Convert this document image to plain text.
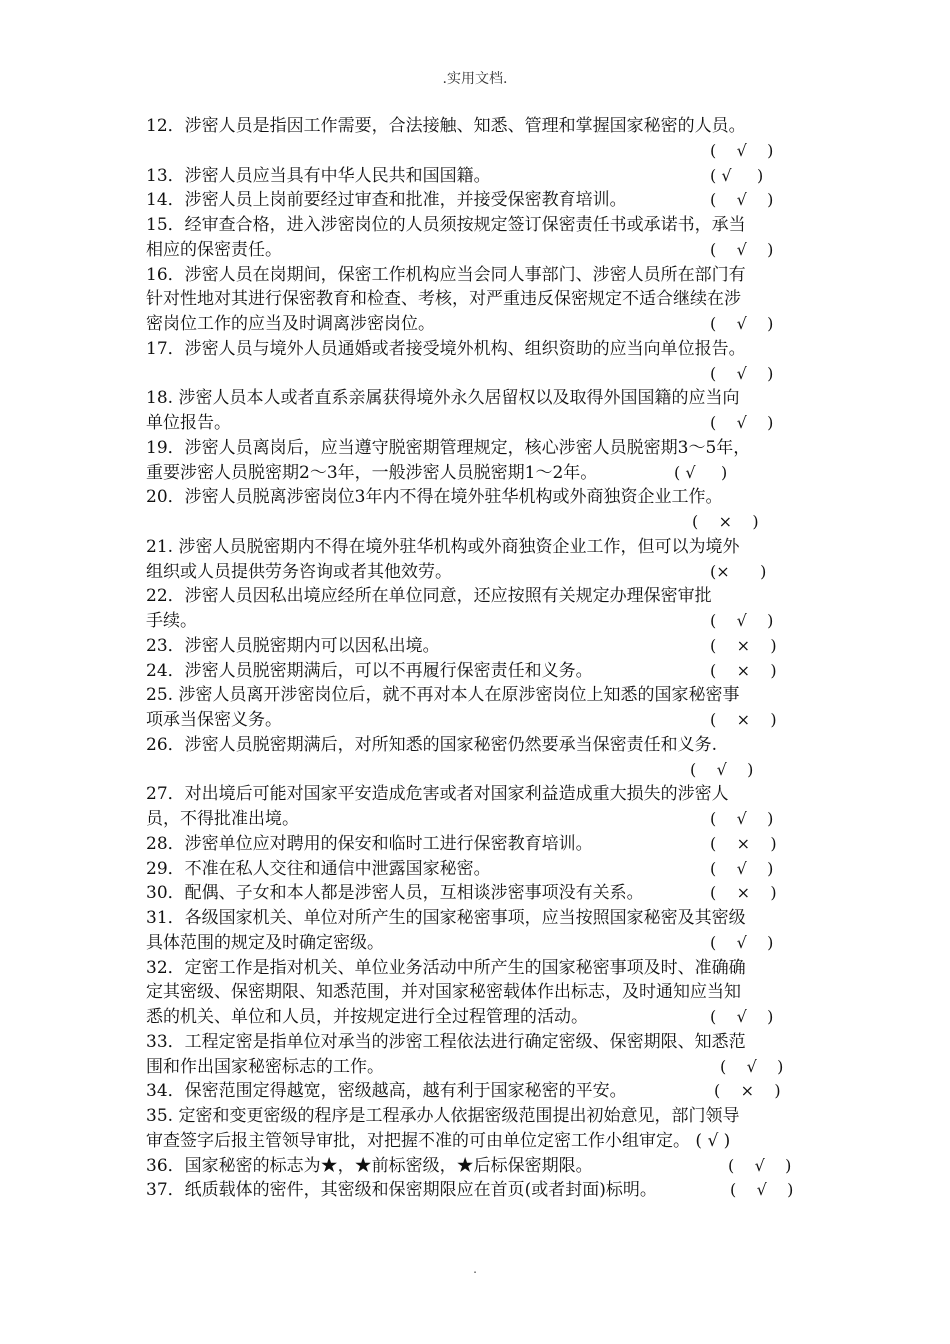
.实用文档.
12．涉密人员是指因工作需要，合法接触、知悉、管理和掌握国家秘密的人员。
(    √    )
13．涉密人员应当具有中华人民共和国国籍。	( √     )
14．涉密人员上岗前要经过审查和批准，并接受保密教育培训。	(    √    )
15．经审查合格，进入涉密岗位的人员须按规定签订保密责任书或承诺书，承当
相应的保密责任。	(    √    )
16．涉密人员在岗期间，保密工作机构应当会同人事部门、涉密人员所在部门有
针对性地对其进行保密教育和检查、考核，对严重违反保密规定不适合继续在涉
密岗位工作的应当及时调离涉密岗位。	(    √    )
17．涉密人员与境外人员通婚或者接受境外机构、组织资助的应当向单位报告。
(    √    )
18. 涉密人员本人或者直系亲属获得境外永久居留权以及取得外国国籍的应当向
单位报告。	(    √    )
19．涉密人员离岗后，应当遵守脱密期管理规定，核心涉密人员脱密期3～5年，
重要涉密人员脱密期2～3年，一般涉密人员脱密期1～2年。	( √     )
20．涉密人员脱离涉密岗位3年内不得在境外驻华机构或外商独资企业工作。
(    ×    )
21. 涉密人员脱密期内不得在境外驻华机构或外商独资企业工作，但可以为境外
组织或人员提供劳务咨询或者其他效劳。	(×      )
22．涉密人员因私出境应经所在单位同意，还应按照有关规定办理保密审批
手续。	(    √    )
23．涉密人员脱密期内可以因私出境。	(    ×    )
24．涉密人员脱密期满后，可以不再履行保密责任和义务。	(    ×    )
25. 涉密人员离开涉密岗位后，就不再对本人在原涉密岗位上知悉的国家秘密事
项承当保密义务。	(    ×    )
26．涉密人员脱密期满后，对所知悉的国家秘密仍然要承当保密责任和义务.
(    √    )
27．对出境后可能对国家平安造成危害或者对国家利益造成重大损失的涉密人
员，不得批准出境。	(    √    )
28．涉密单位应对聘用的保安和临时工进行保密教育培训。	(    ×    )
29．不准在私人交往和通信中泄露国家秘密。	(    √    )
30．配偶、子女和本人都是涉密人员，互相谈涉密事项没有关系。	(    ×    )
31．各级国家机关、单位对所产生的国家秘密事项，应当按照国家秘密及其密级
具体范围的规定及时确定密级。	(    √    )
32．定密工作是指对机关、单位业务活动中所产生的国家秘密事项及时、准确确
定其密级、保密期限、知悉范围，并对国家秘密载体作出标志，及时通知应当知
悉的机关、单位和人员，并按规定进行全过程管理的活动。	(    √    )
33．工程定密是指单位对承当的涉密工程依法进行确定密级、保密期限、知悉范
围和作出国家秘密标志的工作。	(    √    )
34．保密范围定得越宽，密级越高，越有利于国家秘密的平安。	(    ×    )
35. 定密和变更密级的程序是工程承办人依据密级范围提出初始意见，部门领导
审查签字后报主管领导审批，对把握不准的可由单位定密工作小组审定。 ( √ )
36．国家秘密的标志为★，★前标密级，★后标保密期限。	(    √    )
37．纸质载体的密件，其密级和保密期限应在首页(或者封面)标明。	(    √    )
.
